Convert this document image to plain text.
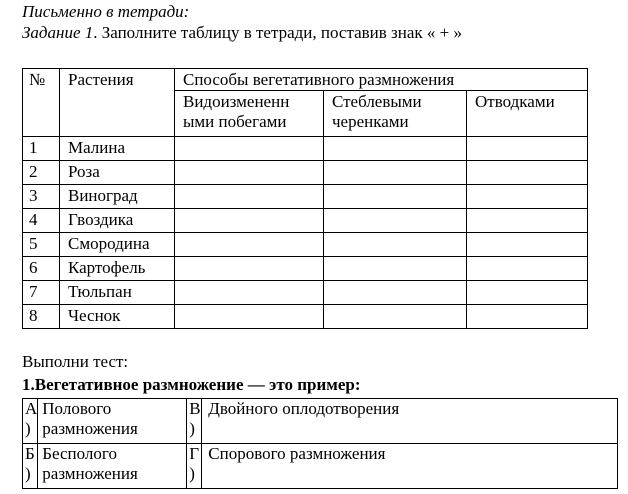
Письменно в тетради:
Задание 1. Заполните таблицу в тетради, поставив знак « + »
№	Растения	Способы вегетативного размножения		
		Видоизмененн ыми побегами	Стеблевыми черенками	Отводками
1	Малина			
2	Роза			
3	Виноград			
4	Гвоздика			
5	Смородина			
6	Картофель			
7	Тюльпан			
8	Чеснок			
Выполни тест:
1.Вегетативное размножение — это пример:
А )	Полового размножения	В )	Двойного оплодотворения
Б )	Бесполого размножения	Г )	Спорового размножения
